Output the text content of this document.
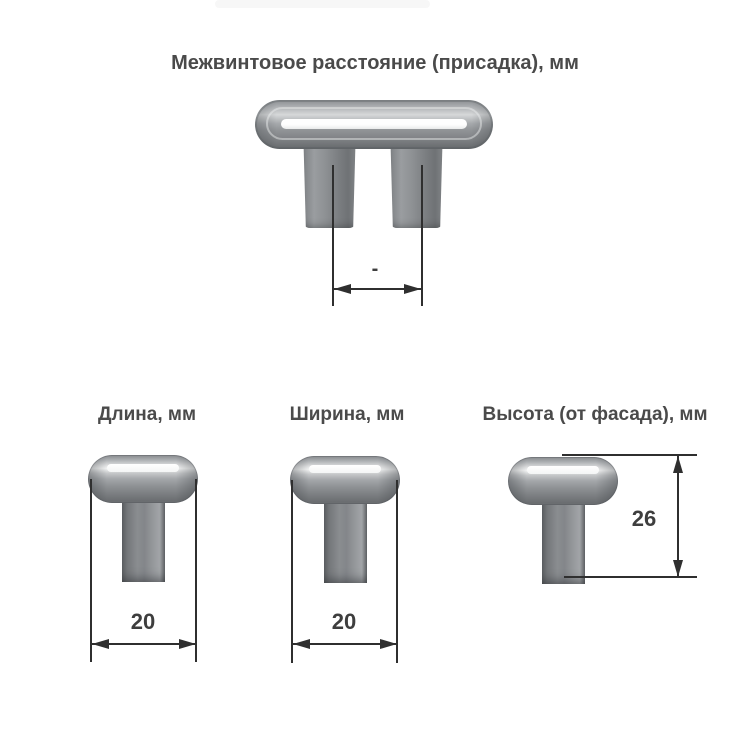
Межвинтовое расстояние (присадка), мм
-
Длина, мм	Ширина, мм	Высота (от фасада), мм
20	20
26
